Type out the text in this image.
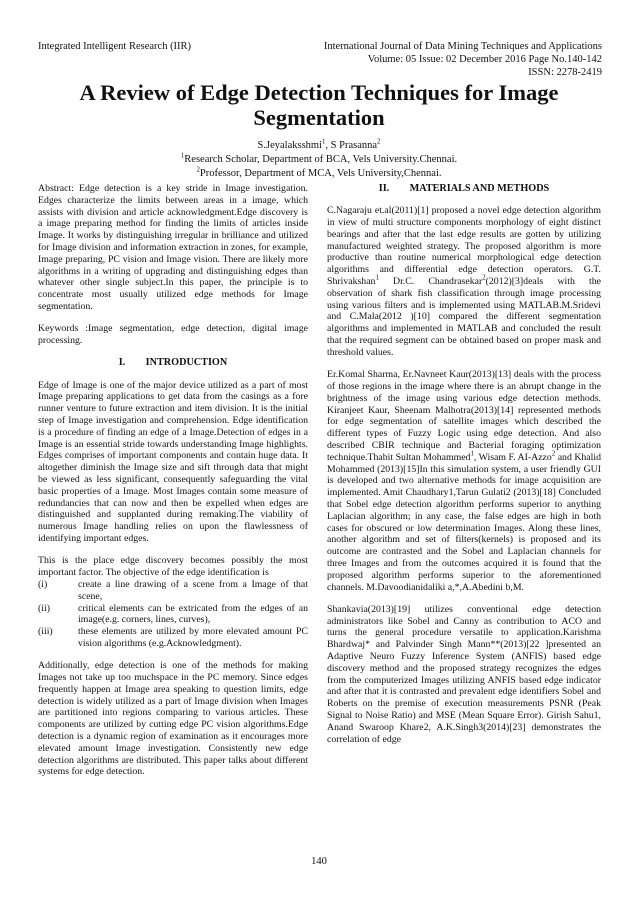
Integrated Intelligent Research (IIR)	International Journal of Data Mining Techniques and Applications
Volume: 05 Issue: 02 December 2016 Page No.140-142
ISSN: 2278-2419
A Review of Edge Detection Techniques for Image
Segmentation
S.Jeyalaksshmi$^1$, S Prasanna$^2$
$^1$Research Scholar, Department of BCA, Vels University.Chennai.
$^2$Professor, Department of MCA, Vels University,Chennai.

Abstract: Edge detection is a key stride in Image investigation. Edges characterize the limits between areas in a image, which assists with division and article acknowledgment.Edge discovery is a image preparing method for finding the limits of articles inside Image. It works by distinguishing irregular in brilliance and utilized for Image division and information extraction in zones, for example, Image preparing, PC vision and Image vision. There are likely more algorithms in a writing of upgrading and distinguishing edges than whatever other single subject.In this paper, the principle is to concentrate most usually utilized edge methods for Image segmentation.

Keywords :Image segmentation, edge detection, digital image processing.

I.        INTRODUCTION

Edge of Image is one of the major device utilized as a part of most Image preparing applications to get data from the casings as a fore runner venture to future extraction and item division. It is the initial step of Image investigation and comprehension. Edge identification is a procedure of finding an edge of a Image.Detection of edges in a Image is an essential stride towards understanding Image highlights. Edges comprises of important components and contain huge data. It altogether diminish the Image size and sift through data that might be viewed as less significant, consequently safeguarding the vital basic properties of a Image. Most Images contain some measure of redundancies that can now and then be expelled when edges are distinguished and supplanted during remaking.The viability of numerous Image handling relies on upon the flawlessness of identifying important edges.

This is the place edge discovery becomes possibly the most important factor. The objective of the edge identification is
(i)	create a line drawing of a scene from a Image of that scene,
(ii)	critical elements can be extricated from the edges of an image(e.g. corners, lines, curves),
(iii)	these elements are utilized by more elevated amount PC vision algorithms (e.g.Acknowledgment).

Additionally, edge detection is one of the methods for making Images not take up too muchspace in the PC memory. Since edges frequently happen at Image area speaking to question limits, edge detection is widely utilized as a part of Image division when Images are partitioned into regions comparing to various articles. These components are utilized by cutting edge PC vision algorithms.Edge detection is a dynamic region of examination as it encourages more elevated amount Image investigation. Consistently new edge detection algorithms are distributed. This paper talks about different systems for edge detection.

II.        MATERIALS AND METHODS

C.Nagaraju et.al(2011)[1] proposed a novel edge detection algorithm in view of multi structure components morphology of eight distinct bearings and after that the last edge results are gotten by utilizing manufactured weighted strategy. The proposed algorithm is more productive than routine numerical morphological edge detection algorithms and differential edge detection operators. G.T. Shrivakshan$^1$ Dr.C. Chandrasekar$^2$(2012)[3]deals with the observation of shark fish classification through image processing using various filters and is implemented using MATLAB.M.Sridevi and C.Mala(2012 )[10] compared the different segmentation algorithms and implemented in MATLAB and concluded the result that the required segment can be obtained based on proper mask and threshold values.

Er.Komal Sharma, Er.Navneet Kaur(2013)[13] deals with the process of those regions in the image where there is an abrupt change in the brightness of the image using various edge detection methods. Kiranjeet Kaur, Sheenam Malhotra(2013)[14] represented methods for edge segmentation of satellite images which described the different types of Fuzzy Logic using edge detection. And also described CBIR technique and Bacterial foraging optimization technique.Thabit Sultan Mohammed$^1$, Wisam F. AI-Azzo$^2$ and Khalid Mohammed (2013)[15]In this simulation system, a user friendly GUI is developed and two alternative methods for image acquisition are implemented. Amit Chaudhary1,Tarun Gulati2 (2013)[18] Concluded that Sobel edge detection algorithm performs superior to anything Laplacian algorithm; in any case, the false edges are high in both cases for obscured or low determination Images. Along these lines, another algorithm and set of filters(kernels) is proposed and its outcome are contrasted and the Sobel and Laplacian channels for three Images and from the outcomes acquired it is found that the proposed algorithm performs superior to the aforementioned channels. M.Davoodianidaliki a,*,A.Abedini b,M.

Shankavia(2013)[19] utilizes conventional edge detection administrators like Sobel and Canny as contribution to ACO and turns the general procedure versatile to application.Karishma Bhardwaj* and Palvinder Singh Mann**(2013)[22 ]presented an Adaptive Neuro Fuzzy Inference System (ANFIS) based edge discovery method and the proposed strategy recognizes the edges from the computerized Images utilizing ANFIS based edge indicator and after that it is contrasted and prevalent edge identifiers Sobel and Roberts on the premise of execution measurements PSNR (Peak Signal to Noise Ratio) and MSE (Mean Square Error). Girish Sahu1, Anand Swaroop Khare2, A.K.Singh3(2014)[23] demonstrates the correlation of edge

140
